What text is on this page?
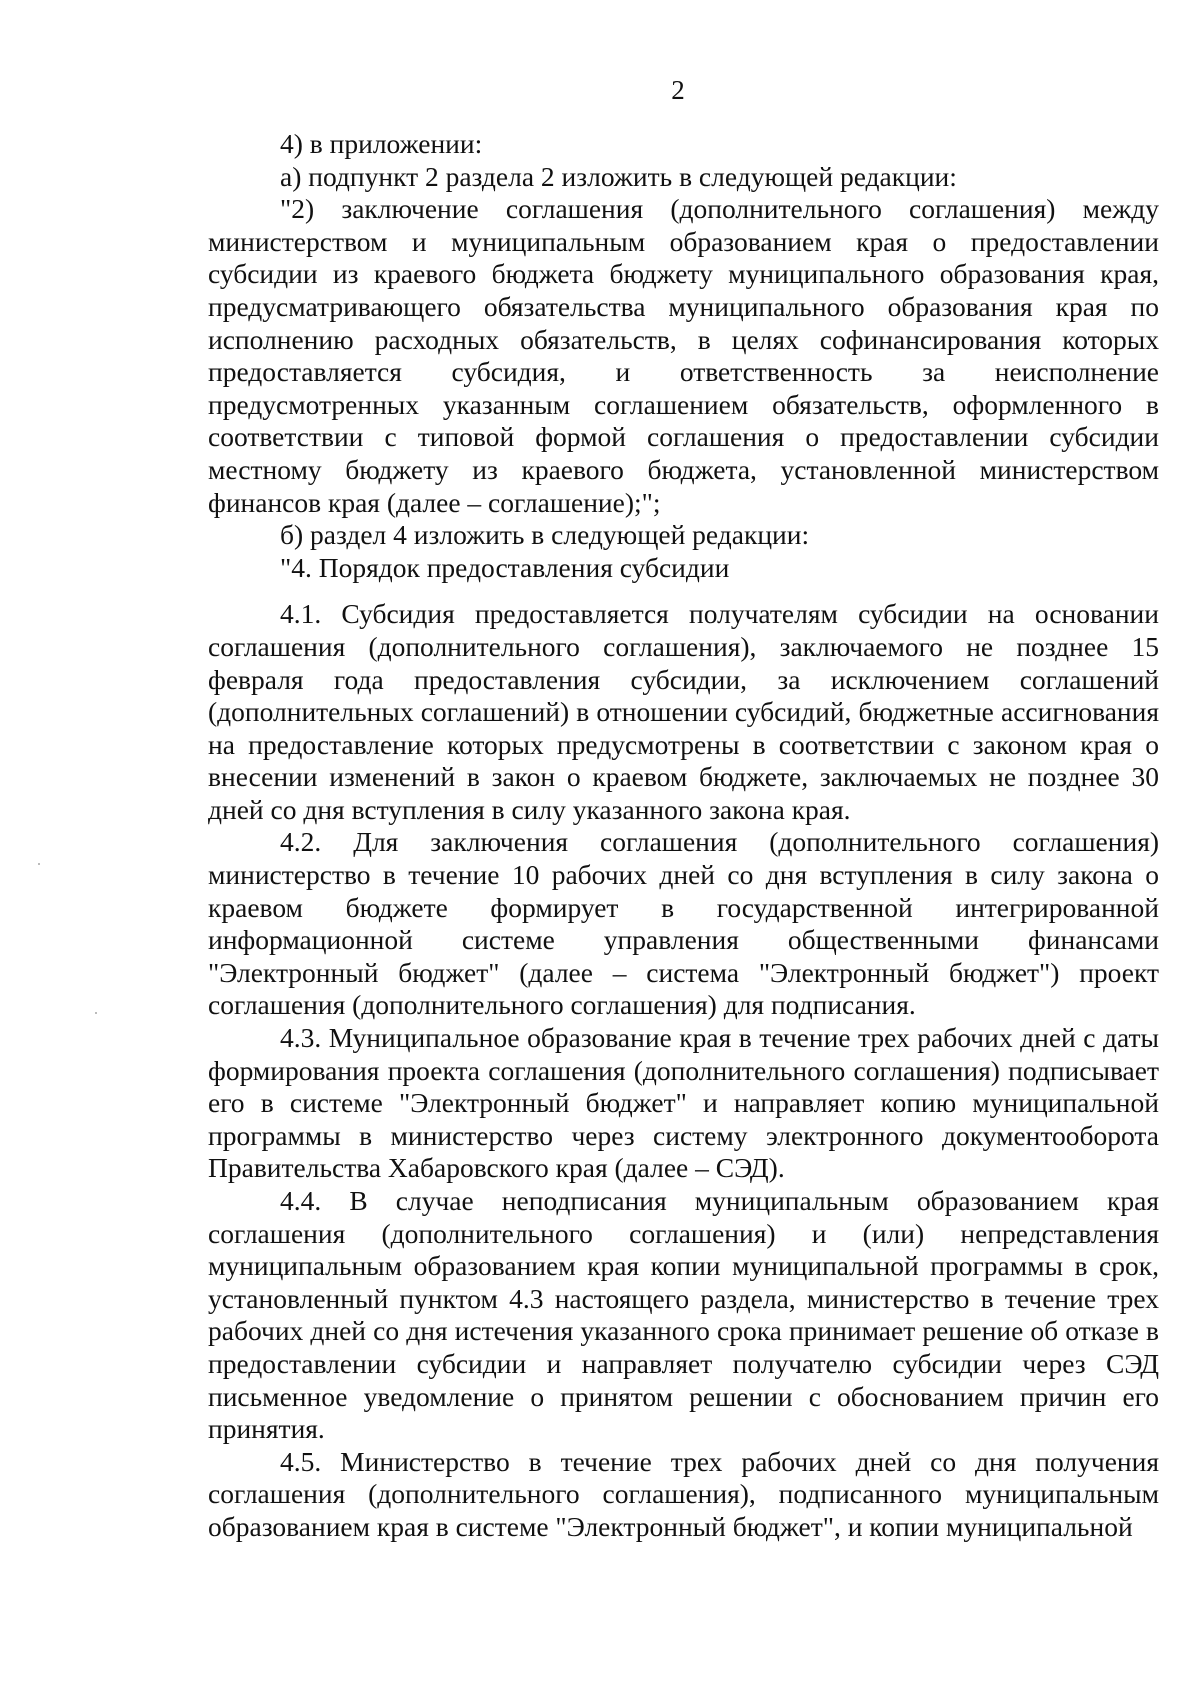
2

4) в приложении:

а) подпункт 2 раздела 2 изложить в следующей редакции:

"2) заключение соглашения (дополнительного соглашения) между министерством и муниципальным образованием края о предоставлении субсидии из краевого бюджета бюджету муниципального образования края, предусматривающего обязательства муниципального образования края по исполнению расходных обязательств, в целях софинансирования которых предоставляется субсидия, и ответственность за неисполнение предусмотренных указанным соглашением обязательств, оформленного в соответствии с типовой формой соглашения о предоставлении субсидии местному бюджету из краевого бюджета, установленной министерством финансов края (далее – соглашение);";

б) раздел 4 изложить в следующей редакции:

"4. Порядок предоставления субсидии

4.1. Субсидия предоставляется получателям субсидии на основании соглашения (дополнительного соглашения), заключаемого не позднее 15 февраля года предоставления субсидии, за исключением соглашений (дополнительных соглашений) в отношении субсидий, бюджетные ассигнования на предоставление которых предусмотрены в соответствии с законом края о внесении изменений в закон о краевом бюджете, заключаемых не позднее 30 дней со дня вступления в силу указанного закона края.

4.2. Для заключения соглашения (дополнительного соглашения) министерство в течение 10 рабочих дней со дня вступления в силу закона о краевом бюджете формирует в государственной интегрированной информационной системе управления общественными финансами "Электронный бюджет" (далее – система "Электронный бюджет") проект соглашения (дополнительного соглашения) для подписания.

4.3. Муниципальное образование края в течение трех рабочих дней с даты формирования проекта соглашения (дополнительного соглашения) подписывает его в системе "Электронный бюджет" и направляет копию муниципальной программы в министерство через систему электронного документооборота Правительства Хабаровского края (далее – СЭД).

4.4. В случае неподписания муниципальным образованием края соглашения (дополнительного соглашения) и (или) непредставления муниципальным образованием края копии муниципальной программы в срок, установленный пунктом 4.3 настоящего раздела, министерство в течение трех рабочих дней со дня истечения указанного срока принимает решение об отказе в предоставлении субсидии и направляет получателю субсидии через СЭД письменное уведомление о принятом решении с обоснованием причин его принятия.

4.5. Министерство в течение трех рабочих дней со дня получения соглашения (дополнительного соглашения), подписанного муниципальным образованием края в системе "Электронный бюджет", и копии муниципальной
